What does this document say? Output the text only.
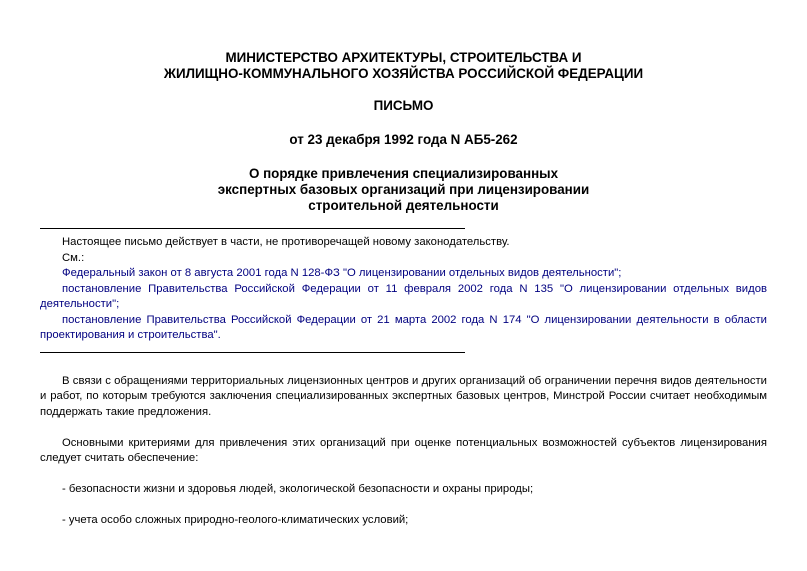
МИНИСТЕРСТВО АРХИТЕКТУРЫ, СТРОИТЕЛЬСТВА И
ЖИЛИЩНО-КОММУНАЛЬНОГО ХОЗЯЙСТВА РОССИЙСКОЙ ФЕДЕРАЦИИ
ПИСЬМО
от 23 декабря 1992 года N АБ5-262
О порядке привлечения специализированных
экспертных базовых организаций при лицензировании
строительной деятельности

Настоящее письмо действует в части, не противоречащей новому законодательству.

См.:

Федеральный закон от 8 августа 2001 года N 128-ФЗ "О лицензировании отдельных видов деятельности";

постановление Правительства Российской Федерации от 11 февраля 2002 года N 135 "О лицензировании отдельных видов деятельности";

постановление Правительства Российской Федерации от 21 марта 2002 года N 174 "О лицензировании деятельности в области проектирования и строительства".

В связи с обращениями территориальных лицензионных центров и других организаций об ограничении перечня видов деятельности и работ, по которым требуются заключения специализированных экспертных базовых центров, Минстрой России считает необходимым поддержать такие предложения.

Основными критериями для привлечения этих организаций при оценке потенциальных возможностей субъектов лицензирования следует считать обеспечение:

- безопасности жизни и здоровья людей, экологической безопасности и охраны природы;

- учета особо сложных природно-геолого-климатических условий;
